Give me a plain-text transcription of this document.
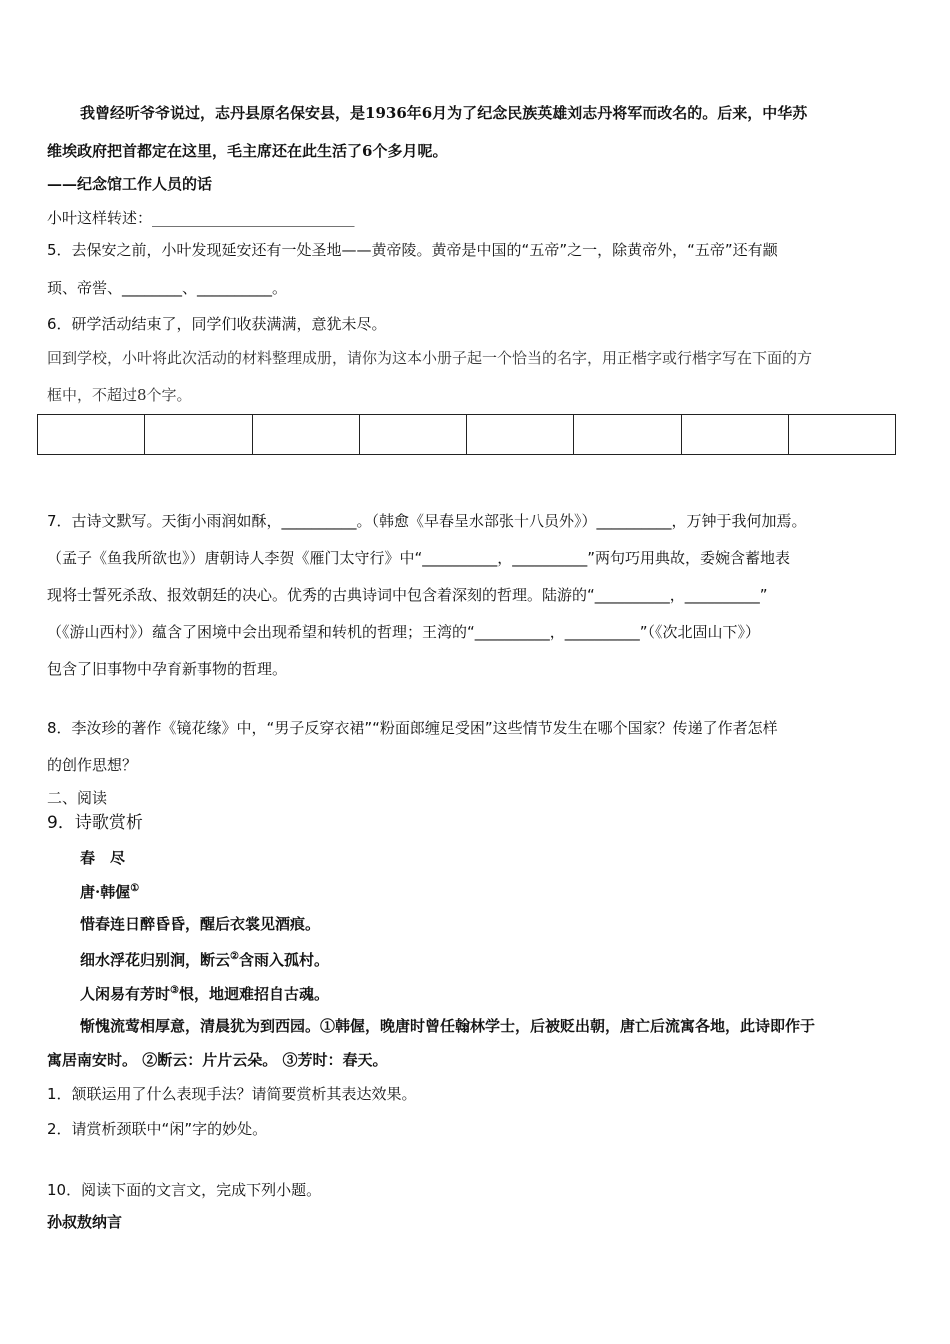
我曾经听爷爷说过，志丹县原名保安县，是1936年6月为了纪念民族英雄刘志丹将军而改名的。后来，中华苏
维埃政府把首都定在这里，毛主席还在此生活了6个多月呢。
——纪念馆工作人员的话
小叶这样转述：___________________________
5．去保安之前，小叶发现延安还有一处圣地——黄帝陵。黄帝是中国的“五帝”之一，除黄帝外，“五帝”还有颛
顼、帝喾、________、__________。
6．研学活动结束了，同学们收获满满，意犹未尽。
回到学校，小叶将此次活动的材料整理成册，请你为这本小册子起一个恰当的名字，用正楷字或行楷字写在下面的方
框中，不超过8个字。
7．古诗文默写。天街小雨润如酥，__________。（韩愈《早春呈水部张十八员外》）__________，万钟于我何加焉。
（孟子《鱼我所欲也》）唐朝诗人李贺《雁门太守行》中“__________，__________”两句巧用典故，委婉含蓄地表
现将士誓死杀敌、报效朝廷的决心。优秀的古典诗词中包含着深刻的哲理。陆游的“__________，__________”
（《游山西村》）蕴含了困境中会出现希望和转机的哲理；王湾的“__________，__________”（《次北固山下》）
包含了旧事物中孕育新事物的哲理。
8．李汝珍的著作《镜花缘》中，“男子反穿衣裙”“粉面郎缠足受困”这些情节发生在哪个国家？传递了作者怎样
的创作思想？
二、阅读
9．诗歌赏析
春　尽
唐·韩偓①
惜春连日醉昏昏，醒后衣裳见酒痕。
细水浮花归别涧，断云②含雨入孤村。
人闲易有芳时③恨，地迥难招自古魂。
惭愧流莺相厚意，清晨犹为到西园。①韩偓，晚唐时曾任翰林学士，后被贬出朝，唐亡后流寓各地，此诗即作于
寓居南安时。 ②断云：片片云朵。 ③芳时：春天。
1．颔联运用了什么表现手法？请简要赏析其表达效果。
2．请赏析颈联中“闲”字的妙处。
10．阅读下面的文言文，完成下列小题。
孙叔敖纳言
